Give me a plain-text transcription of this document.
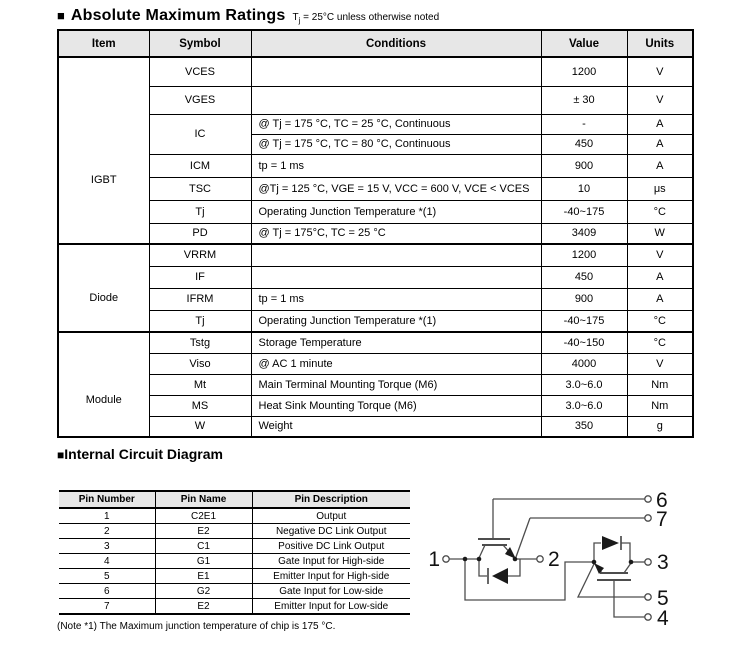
■ Absolute Maximum Ratings $T_j = 25^\circ C$ unless otherwise noted
Item	Symbol	Conditions	Value	Units
IGBT	VCES		1200	V
	VGES		± 30	V
	IC	@ Tj = 175 °C, TC = 25 °C, Continuous	-	A
		@ Tj = 175 °C, TC = 80 °C, Continuous	450	A
	ICM	tp = 1 ms	900	A
	TSC	@Tj = 125 °C, VGE = 15 V, VCC = 600 V, VCE < VCES	10	μs
	Tj	Operating Junction Temperature *(1)	-40~175	°C
	PD	@ Tj = 175°C, TC = 25 °C	3409	W
Diode	VRRM		1200	V
	IF		450	A
	IFRM	tp = 1 ms	900	A
	Tj	Operating Junction Temperature *(1)	-40~175	°C
Module	Tstg	Storage Temperature	-40~150	°C
	Viso	@ AC 1 minute	4000	V
	Mt	Main Terminal Mounting Torque (M6)	3.0~6.0	Nm
	MS	Heat Sink Mounting Torque (M6)	3.0~6.0	Nm
	W	Weight	350	g
■ Internal Circuit Diagram
Pin Number	Pin Name	Pin Description
1	C2E1	Output
2	E2	Negative DC Link Output
3	C1	Positive DC Link Output
4	G1	Gate Input for High-side
5	E1	Emitter Input for High-side
6	G2	Gate Input for Low-side
7	E2	Emitter Input for Low-side
1	2	3
4
5
6
7
(Note *1) The Maximum junction temperature of chip is 175 °C.
